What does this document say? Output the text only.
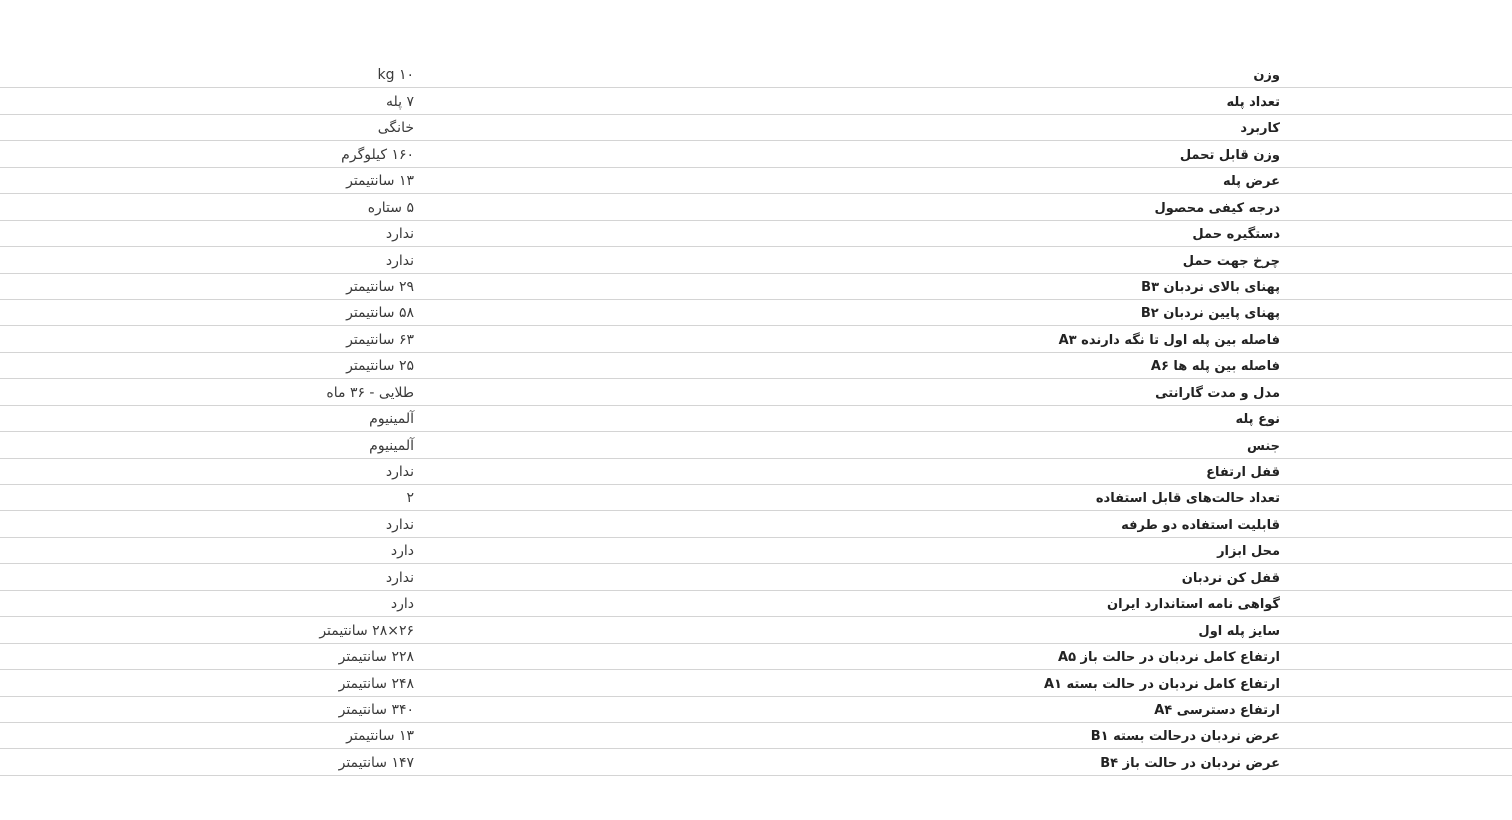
وزن
kg ۱۰
تعداد پله
۷ پله
کاربرد
خانگی
وزن قابل تحمل
۱۶۰ کیلوگرم
عرض پله
۱۳ سانتیمتر
درجه کیفی محصول
۵ ستاره
دستگیره حمل
ندارد
چرخ جهت حمل
ندارد
پهنای بالای نردبان B۳
۲۹ سانتیمتر
پهنای پایین نردبان B۲
۵۸ سانتیمتر
فاصله بین پله اول تا نگه دارنده A۳
۶۳ سانتیمتر
فاصله بین پله ها A۶
۲۵ سانتیمتر
مدل و مدت گارانتی
طلایی - ۳۶ ماه
نوع پله
آلمینیوم
جنس
آلمینیوم
قفل ارتفاع
ندارد
تعداد حالت‌های قابل استفاده
۲
قابلیت استفاده دو طرفه
ندارد
محل ابزار
دارد
قفل کن نردبان
ندارد
گواهی نامه استاندارد ایران
دارد
سایز پله اول
۲۶×۲۸ سانتیمتر
ارتفاع کامل نردبان در حالت باز A۵
۲۲۸ سانتیمتر
ارتفاع کامل نردبان در حالت بسته A۱
۲۴۸ سانتیمتر
ارتفاع دسترسی A۴
۳۴۰ سانتیمتر
عرض نردبان درحالت بسته B۱
۱۳ سانتیمتر
عرض نردبان در حالت باز B۴
۱۴۷ سانتیمتر
